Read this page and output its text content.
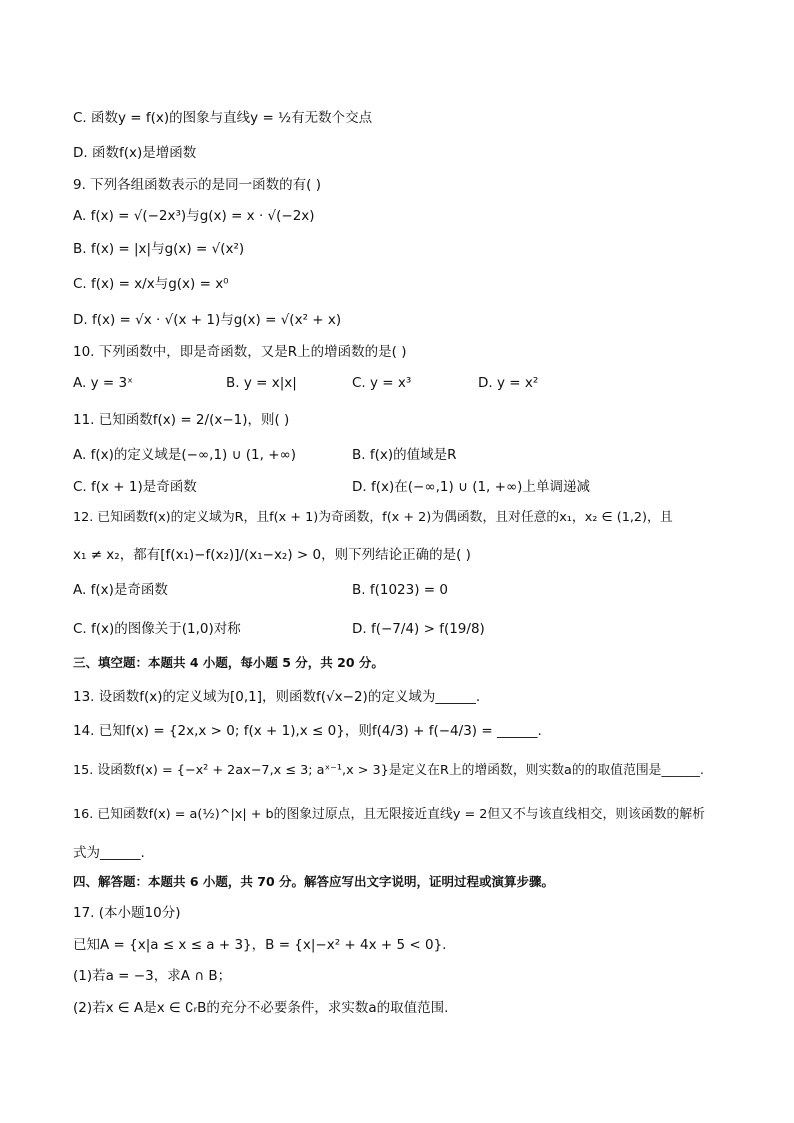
C. 函数y = f(x)的图象与直线y = ½有无数个交点
D. 函数f(x)是增函数
9. 下列各组函数表示的是同一函数的有( )
A. f(x) = √(−2x³)与g(x) = x · √(−2x)
B. f(x) = |x|与g(x) = √(x²)
C. f(x) = x/x与g(x) = x⁰
D. f(x) = √x · √(x + 1)与g(x) = √(x² + x)
10. 下列函数中，即是奇函数，又是R上的增函数的是( )
A. y = 3ˣ	B. y = x|x|	C. y = x³	D. y = x²
11. 已知函数f(x) = 2/(x−1)，则( )
A. f(x)的定义域是(−∞,1) ∪ (1, +∞)	B. f(x)的值域是R
C. f(x + 1)是奇函数	D. f(x)在(−∞,1) ∪ (1, +∞)上单调递减
12. 已知函数f(x)的定义域为R，且f(x + 1)为奇函数，f(x + 2)为偶函数，且对任意的x₁，x₂ ∈ (1,2)，且
x₁ ≠ x₂，都有[f(x₁)−f(x₂)]/(x₁−x₂) > 0，则下列结论正确的是( )
A. f(x)是奇函数	B. f(1023) = 0
C. f(x)的图像关于(1,0)对称	D. f(−7/4) > f(19/8)
三、填空题：本题共 4 小题，每小题 5 分，共 20 分。
13. 设函数f(x)的定义域为[0,1]，则函数f(√x−2)的定义域为______.
14. 已知f(x) = {2x,x > 0; f(x + 1),x ≤ 0}，则f(4/3) + f(−4/3) = ______.
15. 设函数f(x) = {−x² + 2ax−7,x ≤ 3; aˣ⁻¹,x > 3}是定义在R上的增函数，则实数a的的取值范围是______.
16. 已知函数f(x) = a(½)^|x| + b的图象过原点，且无限接近直线y = 2但又不与该直线相交，则该函数的解析
式为______.
四、解答题：本题共 6 小题，共 70 分。解答应写出文字说明，证明过程或演算步骤。
17. (本小题10分)
已知A = {x|a ≤ x ≤ a + 3}，B = {x|−x² + 4x + 5 < 0}.
(1)若a = −3，求A ∩ B；
(2)若x ∈ A是x ∈ ∁ᵣB的充分不必要条件，求实数a的取值范围.
